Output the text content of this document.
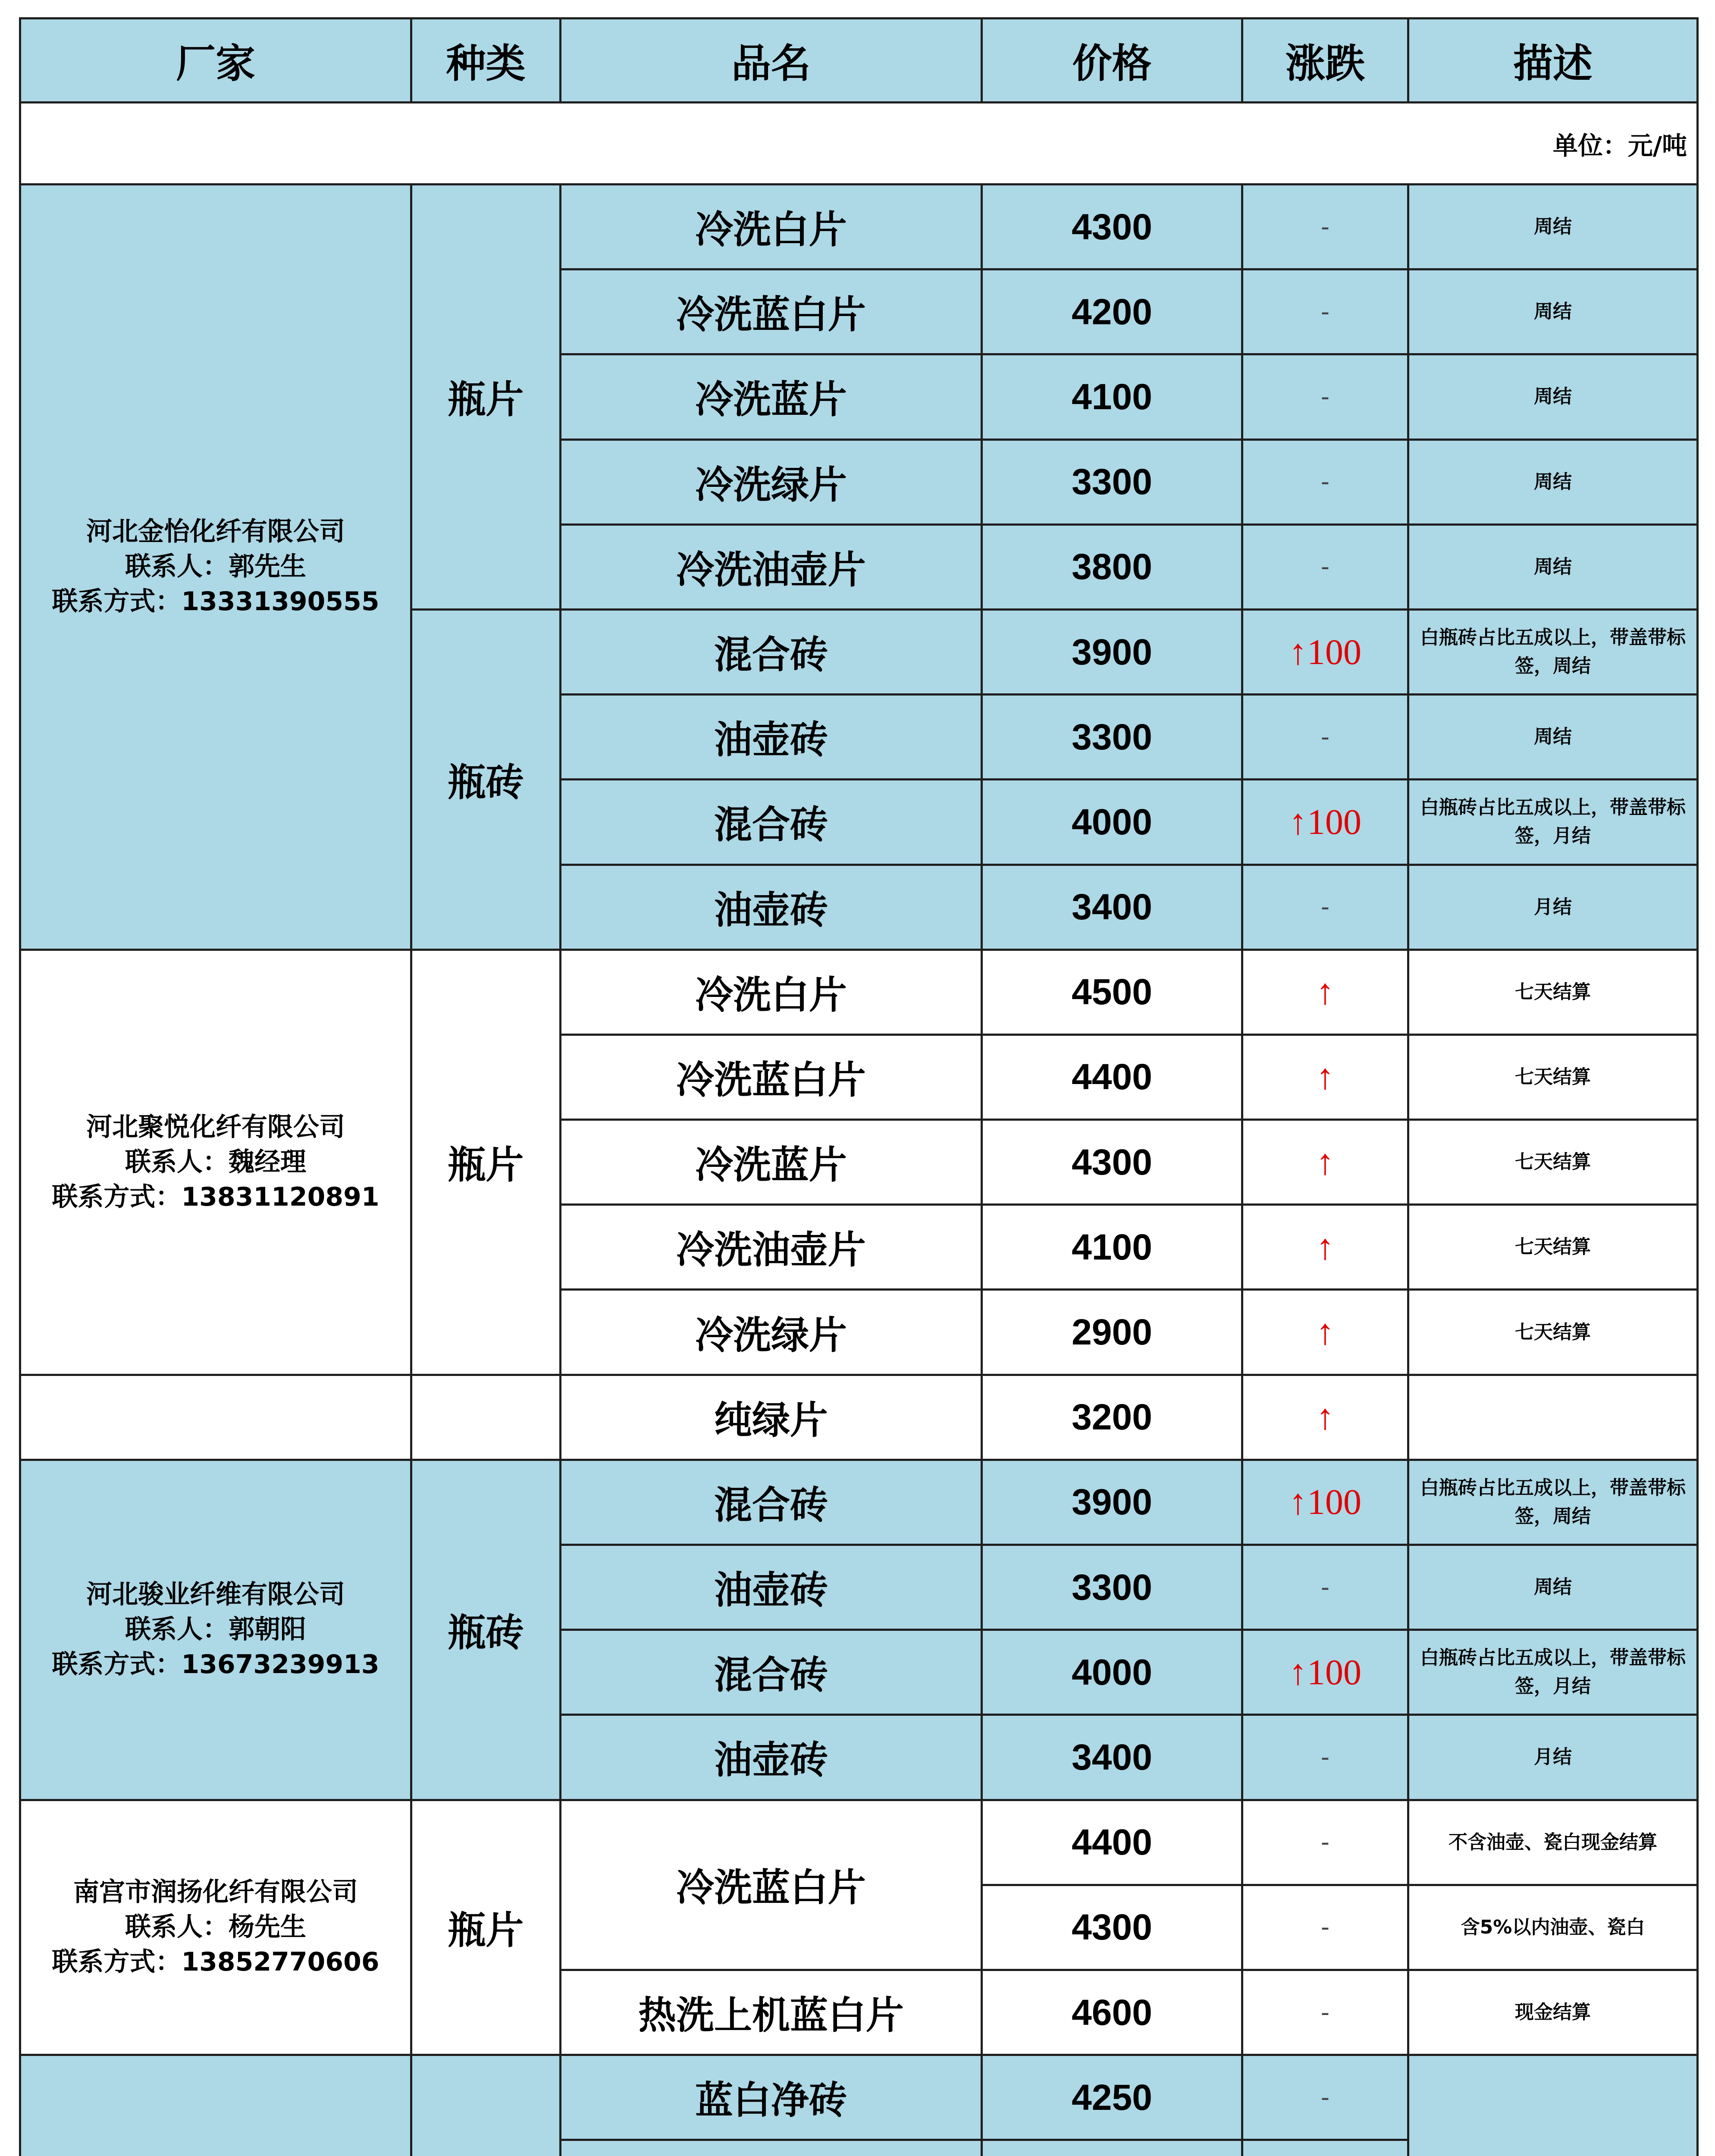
厂家	种类	品名	价格	涨跌	描述
单位：元/吨					

河北金怡化纤有限公司
联系人：郭先生
联系方式：13331390555	瓶片	冷洗白片	4300	-	周结
		冷洗蓝白片	4200	-	周结
		冷洗蓝片	4100	-	周结
		冷洗绿片	3300	-	周结
		冷洗油壶片	3800	-	周结
	瓶砖	混合砖	3900	↑100	白瓶砖占比五成以上，带盖带标签，周结
		油壶砖	3300	-	周结
		混合砖	4000	↑100	白瓶砖占比五成以上，带盖带标签，月结
		油壶砖	3400	-	月结

河北聚悦化纤有限公司
联系人：魏经理
联系方式：13831120891	瓶片	冷洗白片	4500	↑	七天结算
		冷洗蓝白片	4400	↑	七天结算
		冷洗蓝片	4300	↑	七天结算
		冷洗油壶片	4100	↑	七天结算
		冷洗绿片	2900	↑	七天结算
		纯绿片	3200	↑	

河北骏业纤维有限公司
联系人：郭朝阳
联系方式：13673239913	瓶砖	混合砖	3900	↑100	白瓶砖占比五成以上，带盖带标签，周结
		油壶砖	3300	-	周结
		混合砖	4000	↑100	白瓶砖占比五成以上，带盖带标签，月结
		油壶砖	3400	-	月结

南宫市润扬化纤有限公司
联系人：杨先生
联系方式：13852770606	瓶片	冷洗蓝白片	4400	-	不含油壶、瓷白现金结算
			4300	-	含5%以内油壶、瓷白
		热洗上机蓝白片	4600	-	现金结算

		蓝白净砖	4250	-	
